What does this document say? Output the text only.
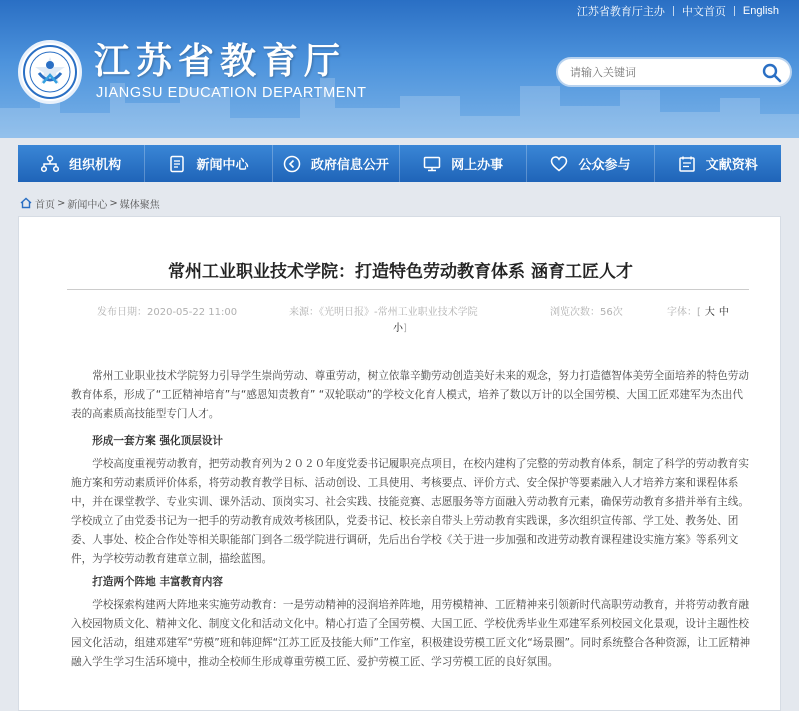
江苏省教育厅主办	中文首页	English
江苏省教育厅
JIANGSU EDUCATION DEPARTMENT
请输入关键词
组织机构	新闻中心	政府信息公开	网上办事	公众参与	文献资料
首页 > 新闻中心 > 媒体聚焦
常州工业职业技术学院：打造特色劳动教育体系 涵育工匠人才
发布日期：2020-05-22 11:00	来源：《光明日报》-常州工业职业技术学院	浏览次数：56次	字体：[ 大 中
小]

常州工业职业技术学院努力引导学生崇尚劳动、尊重劳动，树立依靠辛勤劳动创造美好未来的观念，努力打造德智体美劳全面培养的特色劳动教育体系，形成了“工匠精神培育”与“感恩知责教育” “双轮联动”的学校文化育人模式，培养了数以万计的以全国劳模、大国工匠邓建军为杰出代表的高素质高技能型专门人才。

形成一套方案 强化顶层设计

学校高度重视劳动教育，把劳动教育列为２０２０年度党委书记履职亮点项目，在校内建构了完整的劳动教育体系，制定了科学的劳动教育实施方案和劳动素质评价体系，将劳动教育教学目标、活动创设、工具使用、考核要点、评价方式、安全保护等要素融入人才培养方案和课程体系中，并在课堂教学、专业实训、课外活动、顶岗实习、社会实践、技能竞赛、志愿服务等方面融入劳动教育元素，确保劳动教育多措并举有主线。学校成立了由党委书记为一把手的劳动教育成效考核团队，党委书记、校长亲自带头上劳动教育实践课，多次组织宣传部、学工处、教务处、团委、人事处、校企合作处等相关职能部门到各二级学院进行调研，先后出台学校《关于进一步加强和改进劳动教育课程建设实施方案》等系列文件，为学校劳动教育建章立制，描绘蓝图。

打造两个阵地 丰富教育内容

学校探索构建两大阵地来实施劳动教育：一是劳动精神的浸润培养阵地，用劳模精神、工匠精神来引领新时代高职劳动教育，并将劳动教育融入校园物质文化、精神文化、制度文化和活动文化中。精心打造了全国劳模、大国工匠、学校优秀毕业生邓建军系列校园文化景观，设计主题性校园文化活动，组建邓建军“劳模”班和韩迎辉“江苏工匠及技能大师”工作室，积极建设劳模工匠文化“场景圈”。同时系统整合各种资源，让工匠精神融入学生学习生活环境中，推动全校师生形成尊重劳模工匠、爱护劳模工匠、学习劳模工匠的良好氛围。
